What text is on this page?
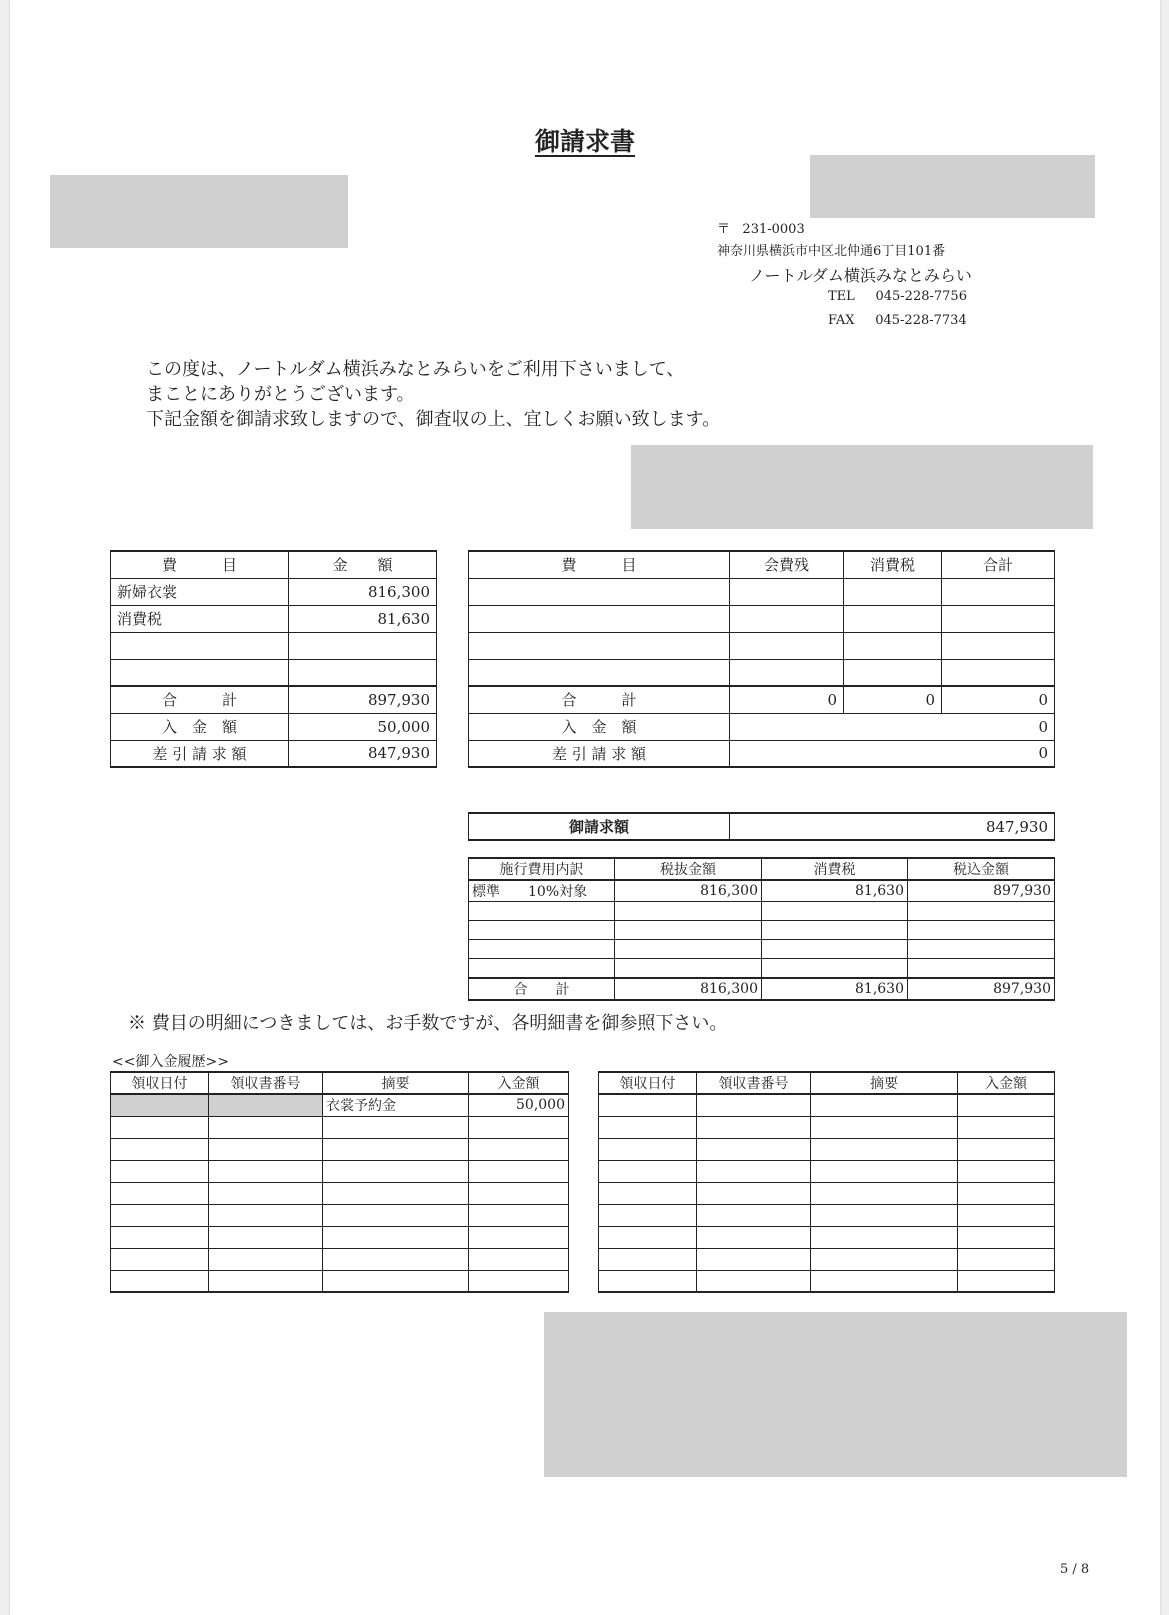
御請求書
〒 231-0003
神奈川県横浜市中区北仲通6丁目101番
ノートルダム横浜みなとみらい
TEL 045-228-7756
FAX 045-228-7734
この度は、ノートルダム横浜みなとみらいをご利用下さいまして、
まことにありがとうございます。
下記金額を御請求致しますので、御査収の上、宜しくお願い致します。
費　　　目	金　　額
新婦衣裳	816,300
消費税	81,630

合　　　計	897,930
入　金　額	50,000
差 引 請 求 額	847,930
費　　　目	会費残	消費税	合計

合　　　計	0	0	0
入　金　額	0		
差 引 請 求 額	0		
御請求額	847,930
施行費用内訳	税抜金額	消費税	税込金額
標準　　10%対象	816,300	81,630	897,930

合　　計	816,300	81,630	897,930
※ 費目の明細につきましては、お手数ですが、各明細書を御参照下さい。
<<御入金履歴>>
領収日付	領収書番号	摘要	入金額
		衣裳予約金	50,000

領収日付	領収書番号	摘要	入金額

5 / 8
